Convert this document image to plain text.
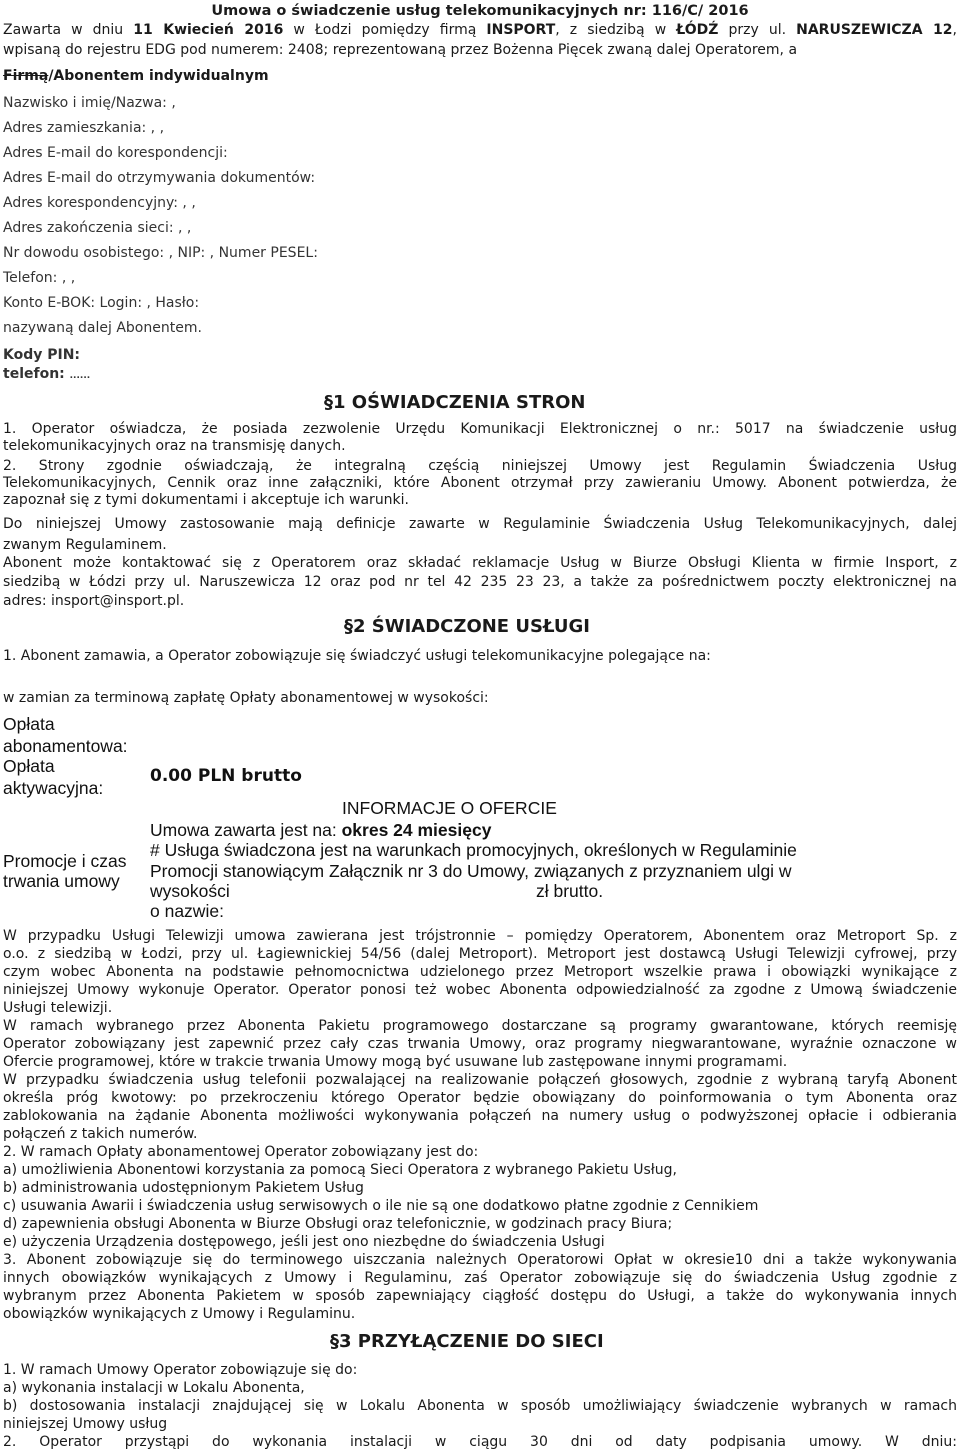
Umowa o świadczenie usług telekomunikacyjnych nr: 116/C/ 2016
Zawarta w dniu 11 Kwiecień 2016 w Łodzi pomiędzy firmą INSPORT, z siedzibą w ŁÓDŹ przy ul. NARUSZEWICZA 12,
wpisaną do rejestru EDG pod numerem: 2408; reprezentowaną przez Bożenna Pięcek zwaną dalej Operatorem, a
Firmą/Abonentem indywidualnym
Nazwisko i imię/Nazwa: ,
Adres zamieszkania: , ,
Adres E-mail do korespondencji:
Adres E-mail do otrzymywania dokumentów:
Adres korespondencyjny: , ,
Adres zakończenia sieci: , ,
Nr dowodu osobistego: , NIP: , Numer PESEL:
Telefon: , ,
Konto E-BOK: Login: , Hasło:
nazywaną dalej Abonentem.
Kody PIN:
telefon: ......
§1 OŚWIADCZENIA STRON
1. Operator oświadcza, że posiada zezwolenie Urzędu Komunikacji Elektronicznej o nr.: 5017 na świadczenie usług
telekomunikacyjnych oraz na transmisję danych.
2. Strony zgodnie oświadczają, że integralną częścią niniejszej Umowy jest Regulamin Świadczenia Usług
Telekomunikacyjnych, Cennik oraz inne załączniki, które Abonent otrzymał przy zawieraniu Umowy. Abonent potwierdza, że
zapoznał się z tymi dokumentami i akceptuje ich warunki.
Do niniejszej Umowy zastosowanie mają definicje zawarte w Regulaminie Świadczenia Usług Telekomunikacyjnych, dalej
zwanym Regulaminem.
Abonent może kontaktować się z Operatorem oraz składać reklamacje Usług w Biurze Obsługi Klienta w firmie Insport, z
siedzibą w Łódzi przy ul. Naruszewicza 12 oraz pod nr tel 42 235 23 23, a także za pośrednictwem poczty elektronicznej na
adres: insport@insport.pl.
§2 ŚWIADCZONE USŁUGI
1. Abonent zamawia, a Operator zobowiązuje się świadczyć usługi telekomunikacyjne polegające na:
w zamian za terminową zapłatę Opłaty abonamentowej w wysokości:
Opłata
abonamentowa:
Opłata
aktywacyjna:
0.00 PLN brutto
INFORMACJE O OFERCIE
Umowa zawarta jest na: okres 24 miesięcy
Promocje i czas
trwania umowy
# Usługa świadczona jest na warunkach promocyjnych, określonych w Regulaminie
Promocji stanowiącym Załącznik nr 3 do Umowy, związanych z przyznaniem ulgi w
wysokości	zł brutto.
o nazwie:
W przypadku Usługi Telewizji umowa zawierana jest trójstronnie – pomiędzy Operatorem, Abonentem oraz Metroport Sp. z
o.o. z siedzibą w Łodzi, przy ul. Łagiewnickiej 54/56 (dalej Metroport). Metroport jest dostawcą Usługi Telewizji cyfrowej, przy
czym wobec Abonenta na podstawie pełnomocnictwa udzielonego przez Metroport wszelkie prawa i obowiązki wynikające z
niniejszej Umowy wykonuje Operator. Operator ponosi też wobec Abonenta odpowiedzialność za zgodne z Umową świadczenie
Usługi telewizji.
W ramach wybranego przez Abonenta Pakietu programowego dostarczane są programy gwarantowane, których reemisję
Operator zobowiązany jest zapewnić przez cały czas trwania Umowy, oraz programy niegwarantowane, wyraźnie oznaczone w
Ofercie programowej, które w trakcie trwania Umowy mogą być usuwane lub zastępowane innymi programami.
W przypadku świadczenia usług telefonii pozwalającej na realizowanie połączeń głosowych, zgodnie z wybraną taryfą Abonent
określa próg kwotowy: po przekroczeniu którego Operator będzie obowiązany do poinformowania o tym Abonenta oraz
zablokowania na żądanie Abonenta możliwości wykonywania połączeń na numery usług o podwyższonej opłacie i odbierania
połączeń z takich numerów.
2. W ramach Opłaty abonamentowej Operator zobowiązany jest do:
a) umożliwienia Abonentowi korzystania za pomocą Sieci Operatora z wybranego Pakietu Usług,
b) administrowania udostępnionym Pakietem Usług
c) usuwania Awarii i świadczenia usług serwisowych o ile nie są one dodatkowo płatne zgodnie z Cennikiem
d) zapewnienia obsługi Abonenta w Biurze Obsługi oraz telefonicznie, w godzinach pracy Biura;
e) użyczenia Urządzenia dostępowego, jeśli jest ono niezbędne do świadczenia Usługi
3. Abonent zobowiązuje się do terminowego uiszczania należnych Operatorowi Opłat w okresie10 dni a także wykonywania
innych obowiązków wynikających z Umowy i Regulaminu, zaś Operator zobowiązuje się do świadczenia Usług zgodnie z
wybranym przez Abonenta Pakietem w sposób zapewniający ciągłość dostępu do Usługi, a także do wykonywania innych
obowiązków wynikających z Umowy i Regulaminu.
§3 PRZYŁĄCZENIE DO SIECI
1. W ramach Umowy Operator zobowiązuje się do:
a) wykonania instalacji w Lokalu Abonenta,
b) dostosowania instalacji znajdującej się w Lokalu Abonenta w sposób umożliwiający świadczenie wybranych w ramach
niniejszej Umowy usług
2. Operator przystąpi do wykonania instalacji w ciągu 30 dni od daty podpisania umowy. W dniu:
